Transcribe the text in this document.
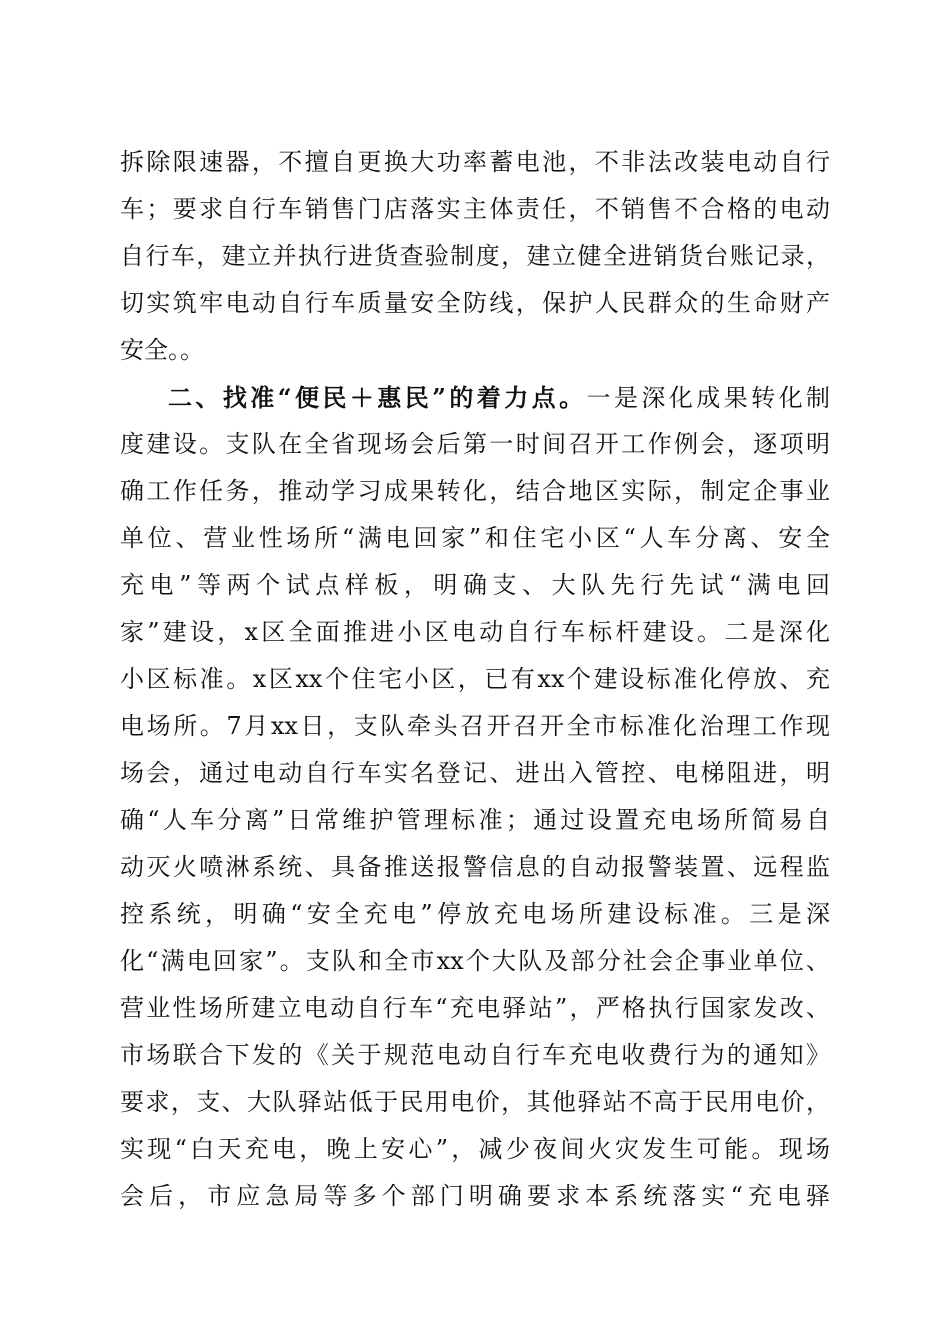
拆除限速器，不擅自更换大功率蓄电池，不非法改装电动自行
车；要求自行车销售门店落实主体责任，不销售不合格的电动
自行车，建立并执行进货查验制度，建立健全进销货台账记录，
切实筑牢电动自行车质量安全防线，保护人民群众的生命财产
安全。。
二、找准“便民＋惠民”的着力点。一是深化成果转化制
度建设。支队在全省现场会后第一时间召开工作例会，逐项明
确工作任务，推动学习成果转化，结合地区实际，制定企事业
单位、营业性场所“满电回家”和住宅小区“人车分离、安全
充电”等两个试点样板，明确支、大队先行先试“满电回
家”建设，x区全面推进小区电动自行车标杆建设。二是深化
小区标准。x区xx个住宅小区，已有xx个建设标准化停放、充
电场所。7月xx日，支队牵头召开召开全市标准化治理工作现
场会，通过电动自行车实名登记、进出入管控、电梯阻进，明
确“人车分离”日常维护管理标准；通过设置充电场所简易自
动灭火喷淋系统、具备推送报警信息的自动报警装置、远程监
控系统，明确“安全充电”停放充电场所建设标准。三是深
化“满电回家”。支队和全市xx个大队及部分社会企事业单位、
营业性场所建立电动自行车“充电驿站”，严格执行国家发改、
市场联合下发的《关于规范电动自行车充电收费行为的通知》
要求，支、大队驿站低于民用电价，其他驿站不高于民用电价，
实现“白天充电，晚上安心”，减少夜间火灾发生可能。现场
会后，市应急局等多个部门明确要求本系统落实“充电驿
